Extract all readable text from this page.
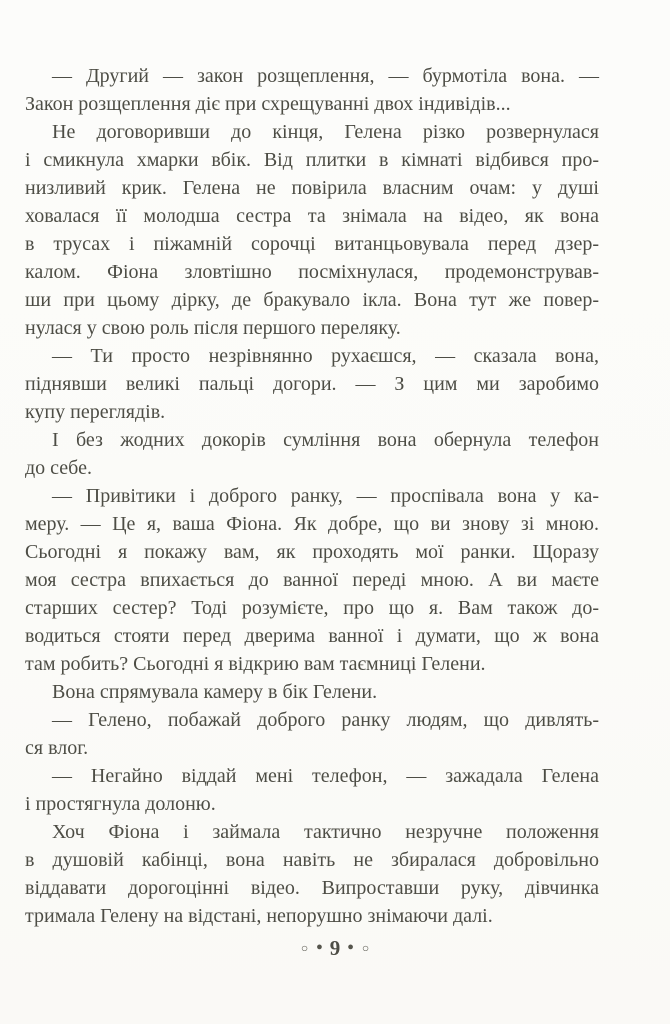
— Другий — закон розщеплення, — бурмотіла вона. —
Закон розщеплення діє при схрещуванні двох індивідів...
Не договоривши до кінця, Гелена різко розвернулася
і смикнула хмарки вбік. Від плитки в кімнаті відбився про-
низливий крик. Гелена не повірила власним очам: у душі
ховалася її молодша сестра та знімала на відео, як вона
в трусах і піжамній сорочці витанцьовувала перед дзер-
калом. Фіона зловтішно посміхнулася, продемонстрував-
ши при цьому дірку, де бракувало ікла. Вона тут же повер-
нулася у свою роль після першого переляку.
— Ти просто незрівнянно рухаєшся, — сказала вона,
піднявши великі пальці догори. — З цим ми заробимо
купу переглядів.
І без жодних докорів сумління вона обернула телефон
до себе.
— Привітики і доброго ранку, — проспівала вона у ка-
меру. — Це я, ваша Фіона. Як добре, що ви знову зі мною.
Сьогодні я покажу вам, як проходять мої ранки. Щоразу
моя сестра впихається до ванної переді мною. А ви маєте
старших сестер? Тоді розумієте, про що я. Вам також до-
водиться стояти перед дверима ванної і думати, що ж вона
там робить? Сьогодні я відкрию вам таємниці Гелени.
Вона спрямувала камеру в бік Гелени.
— Гелено, побажай доброго ранку людям, що дивлять-
ся влог.
— Негайно віддай мені телефон, — зажадала Гелена
і простягнула долоню.
Хоч Фіона і займала тактично незручне положення
в душовій кабінці, вона навіть не збиралася добровільно
віддавати дорогоцінні відео. Випроставши руку, дівчинка
тримала Гелену на відстані, непорушно знімаючи далі.
○ ● 9 ● ○
